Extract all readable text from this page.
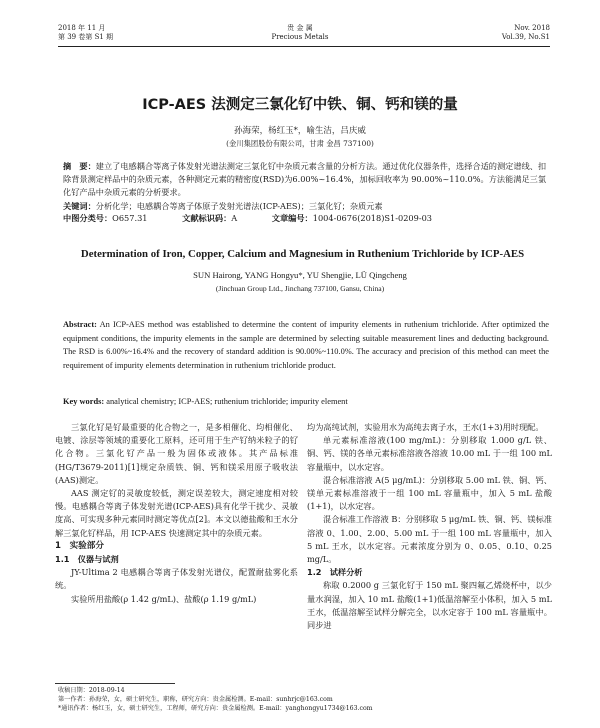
2018 年 11 月
第 39 卷第 S1 期
贵 金 属
Precious Metals
Nov. 2018
Vol.39, No.S1
ICP-AES 法测定三氯化钌中铁、铜、钙和镁的量
孙海荣，杨红玉*，喻生洁，吕庆威
(金川集团股份有限公司，甘肃 金昌 737100)
摘　要：建立了电感耦合等离子体发射光谱法测定三氯化钌中杂质元素含量的分析方法。通过优化仪器条件，选择合适的测定谱线、扣除背景测定样品中的杂质元素，各种测定元素的精密度(RSD)为6.00%~16.4%，加标回收率为 90.00%~110.0%。方法能满足三氯化钌产品中杂质元素的分析要求。
关键词：分析化学；电感耦合等离子体原子发射光谱法(ICP-AES)；三氯化钌；杂质元素
中图分类号：O657.31	文献标识码：A	文章编号：1004-0676(2018)S1-0209-03
Determination of Iron, Copper, Calcium and Magnesium in Ruthenium Trichloride by ICP-AES
SUN Hairong, YANG Hongyu*, YU Shengjie, LÜ Qingcheng
(Jinchuan Group Ltd., Jinchang 737100, Gansu, China)
Abstract: An ICP-AES method was established to determine the content of impurity elements in ruthenium trichloride. After optimized the equipment conditions, the impurity elements in the sample are determined by selecting suitable measurement lines and deducting background. The RSD is 6.00%~16.4% and the recovery of standard addition is 90.00%~110.0%. The accuracy and precision of this method can meet the requirement of impurity elements determination in ruthenium trichloride product.
Key words: analytical chemistry; ICP-AES; ruthenium trichloride; impurity element

三氯化钌是钌最重要的化合物之一，是多相催化、均相催化、电镀、涂层等领域的重要化工原料，还可用于生产钌纳米粒子的钌化合物。三氯化钌产品一般为固体或液体。其产品标准(HG/T3679-2011)[1]规定杂质铁、铜、钙和镁采用原子吸收法(AAS)测定。

AAS 测定钌的灵敏度较低，测定误差较大，测定速度相对较慢。电感耦合等离子体发射光谱(ICP-AES)具有化学干扰少、灵敏度高、可实现多种元素同时测定等优点[2]。本文以德盐酸和王水分解三氯化钌样品，用 ICP-AES 快速测定其中的杂质元素。

1　实验部分

1.1　仪器与试剂

JY-Ultima 2 电感耦合等离子体发射光谱仪，配置耐盐雾化系统。

实验所用盐酸(ρ 1.42 g/mL)、盐酸(ρ 1.19 g/mL)

均为高纯试剂，实验用水为高纯去离子水，王水(1+3)用时现配。

单元素标准溶液(100 mg/mL)：分别移取 1.000 g/L 铁、铜、钙、镁的各单元素标准溶液各溶液 10.00 mL 于一组 100 mL 容量瓶中，以水定容。

混合标准溶液 A(5 μg/mL)：分别移取 5.00 mL 铁、铜、钙、镁单元素标准溶液于一组 100 mL 容量瓶中，加入 5 mL 盐酸(1+1)，以水定容。

混合标准工作溶液 B：分别移取 5 μg/mL 铁、铜、钙、镁标准溶液 0、1.00、2.00、5.00 mL 于一组 100 mL 容量瓶中，加入 5 mL 王水，以水定容。元素浓度分别为 0、0.05、0.10、0.25 mg/L。

1.2　试样分析

称取 0.2000 g 三氯化钌于 150 mL 聚四氟乙烯烧杯中，以少量水润湿，加入 10 mL 盐酸(1+1)低温溶解至小体积，加入 5 mL 王水，低温溶解至试样分解完全，以水定容于 100 mL 容量瓶中。同步进

收稿日期：2018-09-14
第一作者：孙海荣，女，硕士研究生，职称，研究方向：贵金属检测。E-mail：sunhrjc@163.com
*通讯作者：杨红玉，女，硕士研究生，工程师，研究方向：贵金属检测。E-mail：yanghongyu1734@163.com
